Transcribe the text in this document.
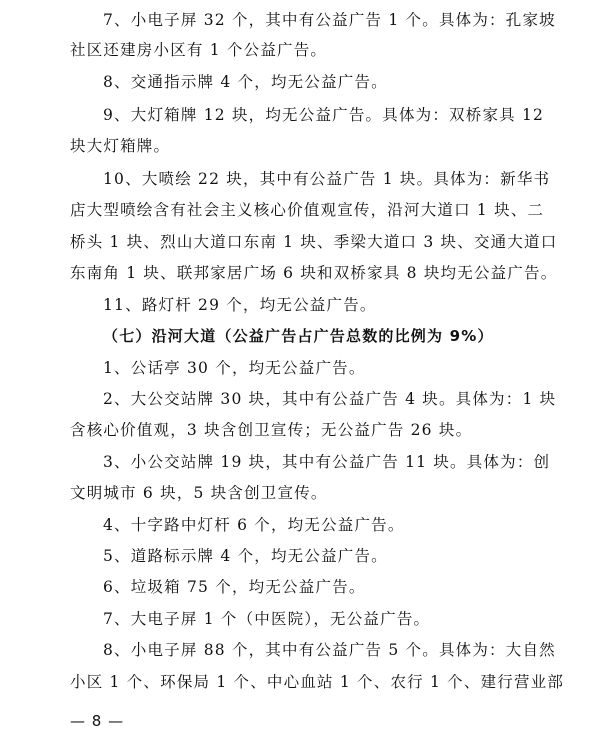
7、小电子屏 32 个，其中有公益广告 1 个。具体为：孔家坡
社区还建房小区有 1 个公益广告。
8、交通指示牌 4 个，均无公益广告。
9、大灯箱牌 12 块，均无公益广告。具体为：双桥家具 12
块大灯箱牌。
10、大喷绘 22 块，其中有公益广告 1 块。具体为：新华书
店大型喷绘含有社会主义核心价值观宣传，沿河大道口 1 块、二
桥头 1 块、烈山大道口东南 1 块、季梁大道口 3 块、交通大道口
东南角 1 块、联邦家居广场 6 块和双桥家具 8 块均无公益广告。
11、路灯杆 29 个，均无公益广告。
（七）沿河大道（公益广告占广告总数的比例为 9%）
1、公话亭 30 个，均无公益广告。
2、大公交站牌 30 块，其中有公益广告 4 块。具体为：1 块
含核心价值观，3 块含创卫宣传；无公益广告 26 块。
3、小公交站牌 19 块，其中有公益广告 11 块。具体为：创
文明城市 6 块，5 块含创卫宣传。
4、十字路中灯杆 6 个，均无公益广告。
5、道路标示牌 4 个，均无公益广告。
6、垃圾箱 75 个，均无公益广告。
7、大电子屏 1 个（中医院），无公益广告。
8、小电子屏 88 个，其中有公益广告 5 个。具体为：大自然
小区 1 个、环保局 1 个、中心血站 1 个、农行 1 个、建行营业部
— 8 —
